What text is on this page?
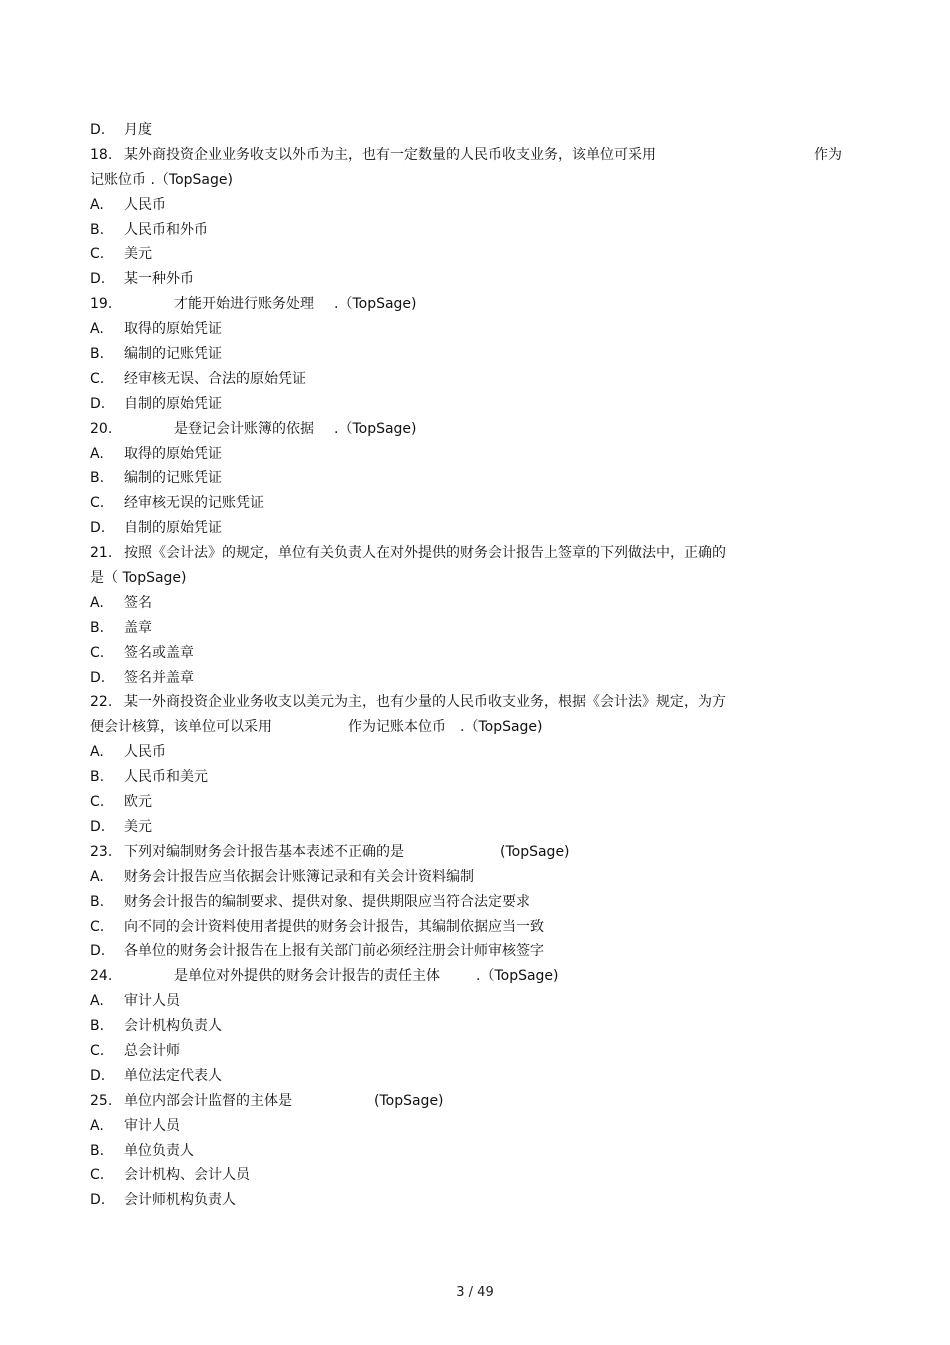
D. 月度
18. 某外商投资企业业务收支以外币为主，也有一定数量的人民币收支业务，该单位可采用	作为
记账位币 .（TopSage)
A. 人民币
B. 人民币和外币
C. 美元
D. 某一种外币
19.	才能开始进行账务处理 .（TopSage)
A. 取得的原始凭证
B. 编制的记账凭证
C. 经审核无误、合法的原始凭证
D. 自制的原始凭证
20.	是登记会计账簿的依据 .（TopSage)
A. 取得的原始凭证
B. 编制的记账凭证
C. 经审核无误的记账凭证
D. 自制的原始凭证
21. 按照《会计法》的规定，单位有关负责人在对外提供的财务会计报告上签章的下列做法中，正确的
是（ TopSage)
A. 签名
B. 盖章
C. 签名或盖章
D. 签名并盖章
22. 某一外商投资企业业务收支以美元为主，也有少量的人民币收支业务，根据《会计法》规定，为方
便会计核算，该单位可以采用	作为记账本位币 .（TopSage)
A. 人民币
B. 人民币和美元
C. 欧元
D. 美元
23. 下列对编制财务会计报告基本表述不正确的是	(TopSage)
A. 财务会计报告应当依据会计账簿记录和有关会计资料编制
B. 财务会计报告的编制要求、提供对象、提供期限应当符合法定要求
C. 向不同的会计资料使用者提供的财务会计报告，其编制依据应当一致
D. 各单位的财务会计报告在上报有关部门前必须经注册会计师审核签字
24.	是单位对外提供的财务会计报告的责任主体	.（TopSage)
A. 审计人员
B. 会计机构负责人
C. 总会计师
D. 单位法定代表人
25. 单位内部会计监督的主体是	(TopSage)
A. 审计人员
B. 单位负责人
C. 会计机构、会计人员
D. 会计师机构负责人
3 / 49
